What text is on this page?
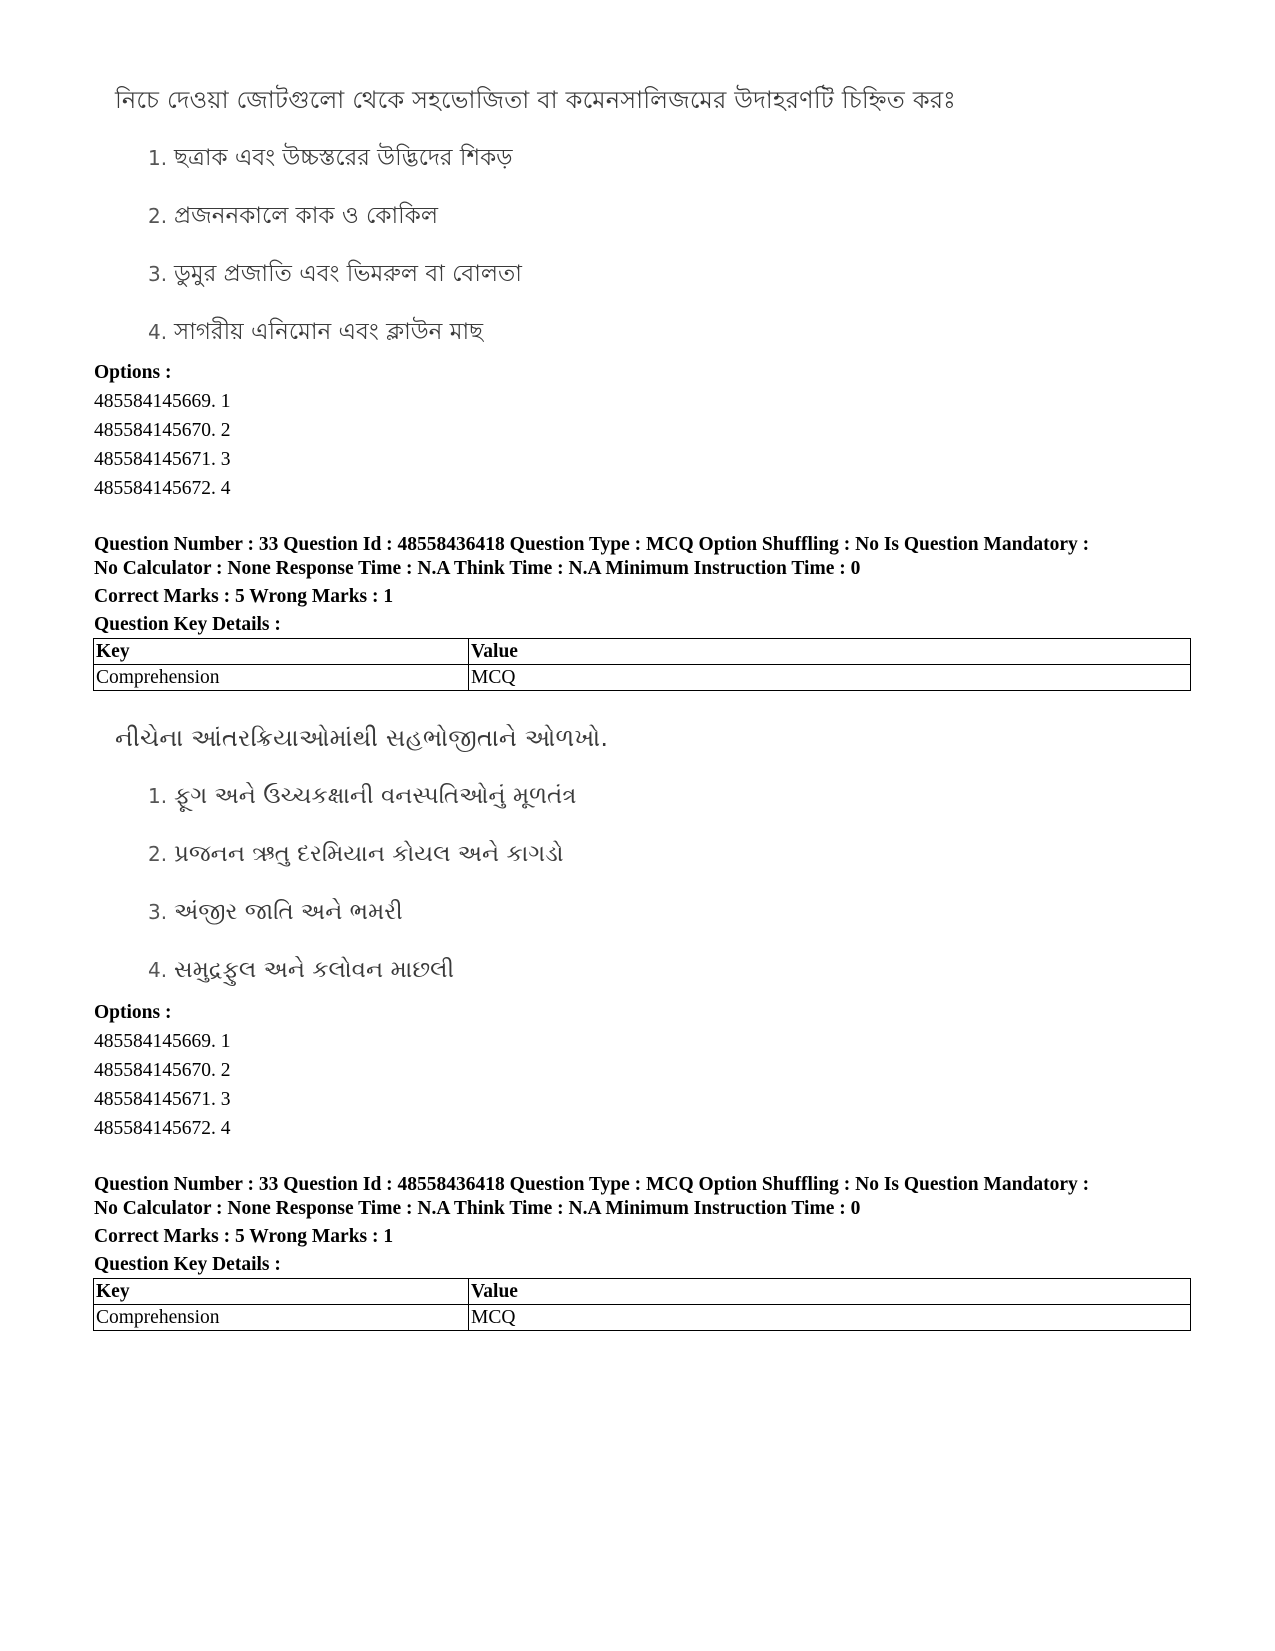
নিচে দেওয়া জোটগুলো থেকে সহভোজিতা বা কমেনসালিজমের উদাহরণটি চিহ্নিত করঃ
1. ছত্রাক এবং উচ্চস্তরের উদ্ভিদের শিকড়
2. প্রজননকালে কাক ও কোকিল
3. ডুমুর প্রজাতি এবং ভিমরুল বা বোলতা
4. সাগরীয় এনিমোন এবং ক্লাউন মাছ
Options :
485584145669. 1
485584145670. 2
485584145671. 3
485584145672. 4
Question Number : 33 Question Id : 48558436418 Question Type : MCQ Option Shuffling : No Is Question Mandatory :
No Calculator : None Response Time : N.A Think Time : N.A Minimum Instruction Time : 0
Correct Marks : 5 Wrong Marks : 1
Question Key Details :
Key	Value
Comprehension	MCQ
નીચેના આંતરક્રિયાઓમાંથી સહભોજીતાને ઓળખો.
1. ફૂગ અને ઉચ્ચકક્ષાની વનસ્પતિઓનું મૂળતંત્ર
2. પ્રજનન ઋતુ દરમિયાન કોયલ અને કાગડો
3. અંજીર જાતિ અને ભમરી
4. સમુદ્રફુલ અને કલોવન માછલી
Options :
485584145669. 1
485584145670. 2
485584145671. 3
485584145672. 4
Question Number : 33 Question Id : 48558436418 Question Type : MCQ Option Shuffling : No Is Question Mandatory :
No Calculator : None Response Time : N.A Think Time : N.A Minimum Instruction Time : 0
Correct Marks : 5 Wrong Marks : 1
Question Key Details :
Key	Value
Comprehension	MCQ
